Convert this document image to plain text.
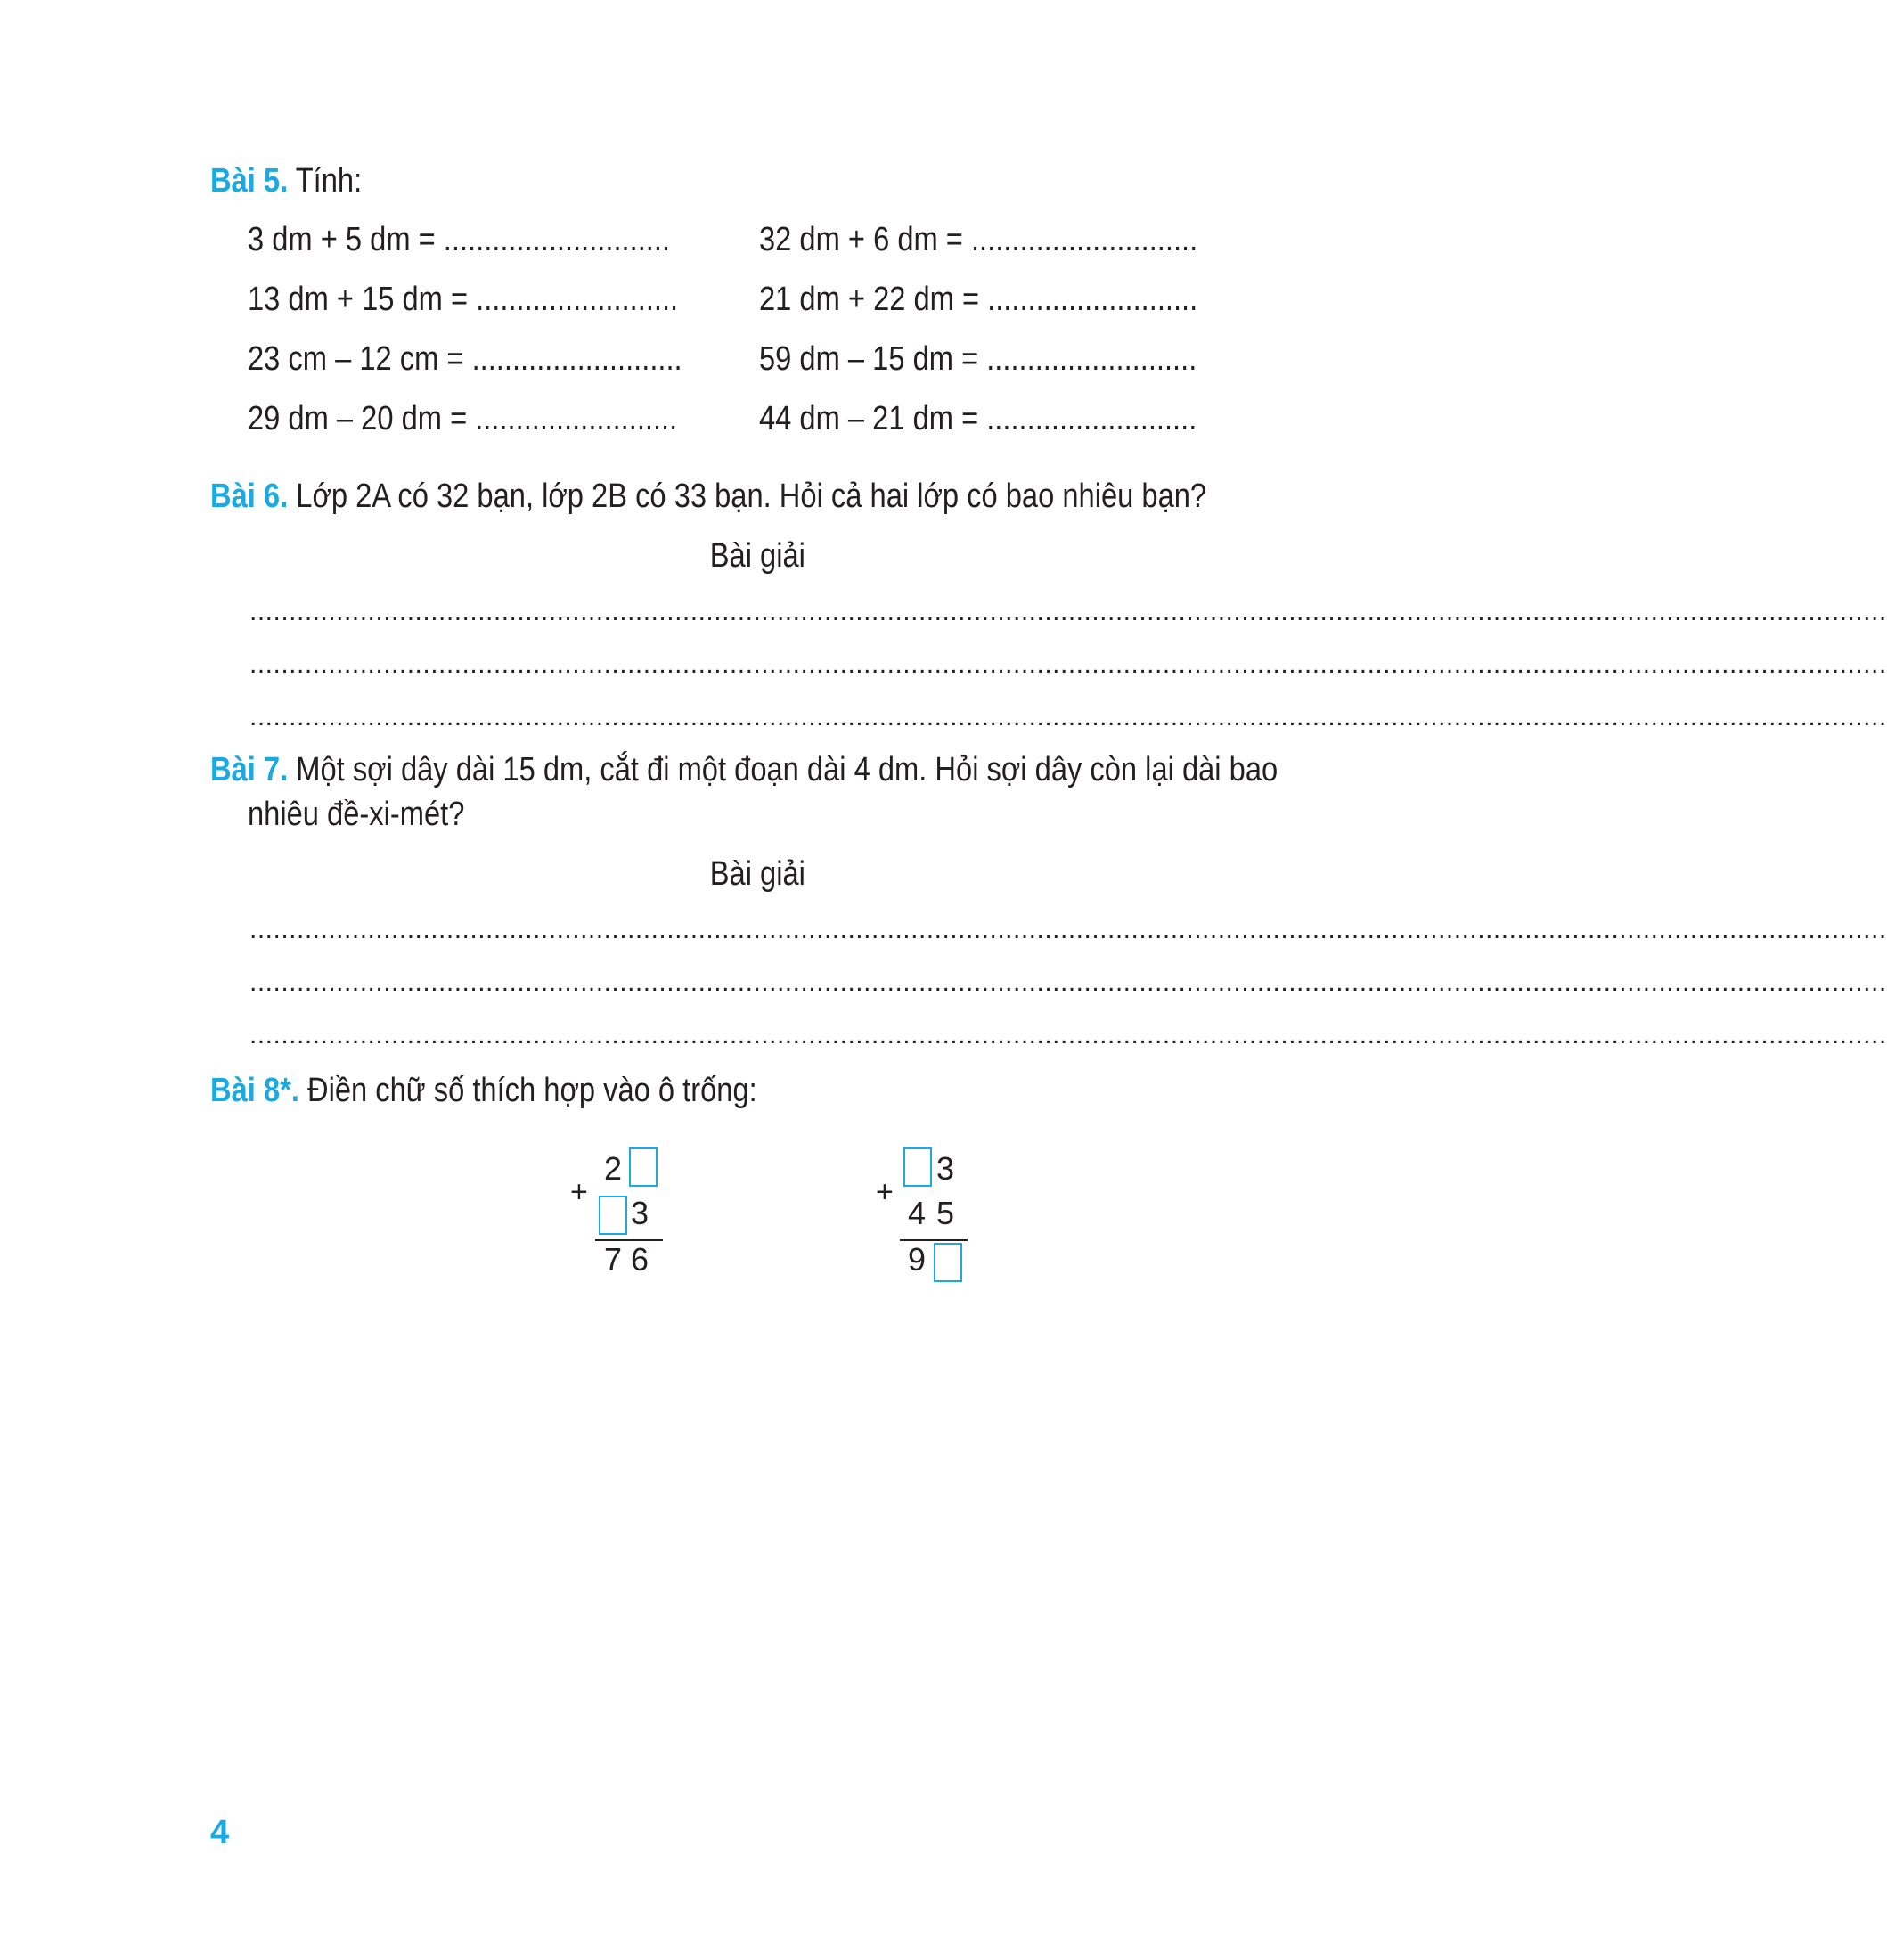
Bài 5. Tính:
3 dm + 5 dm = ............................
13 dm + 15 dm = .........................
23 cm – 12 cm = ..........................
29 dm – 20 dm = .........................
32 dm + 6 dm = ............................
21 dm + 22 dm = ..........................
59 dm – 15 dm = ..........................
44 dm – 21 dm = ..........................
Bài 6. Lớp 2A có 32 bạn, lớp 2B có 33 bạn. Hỏi cả hai lớp có bao nhiêu bạn?
Bài giải
................................................................................................................................................................................................................
................................................................................................................................................................................................................
................................................................................................................................................................................................................
Bài 7. Một sợi dây dài 15 dm, cắt đi một đoạn dài 4 dm. Hỏi sợi dây còn lại dài bao
nhiêu đề-xi-mét?
Bài giải
................................................................................................................................................................................................................
................................................................................................................................................................................................................
................................................................................................................................................................................................................
Bài 8*. Điền chữ số thích hợp vào ô trống:
+
2
3
7 6
+
3
4 5
9
4
